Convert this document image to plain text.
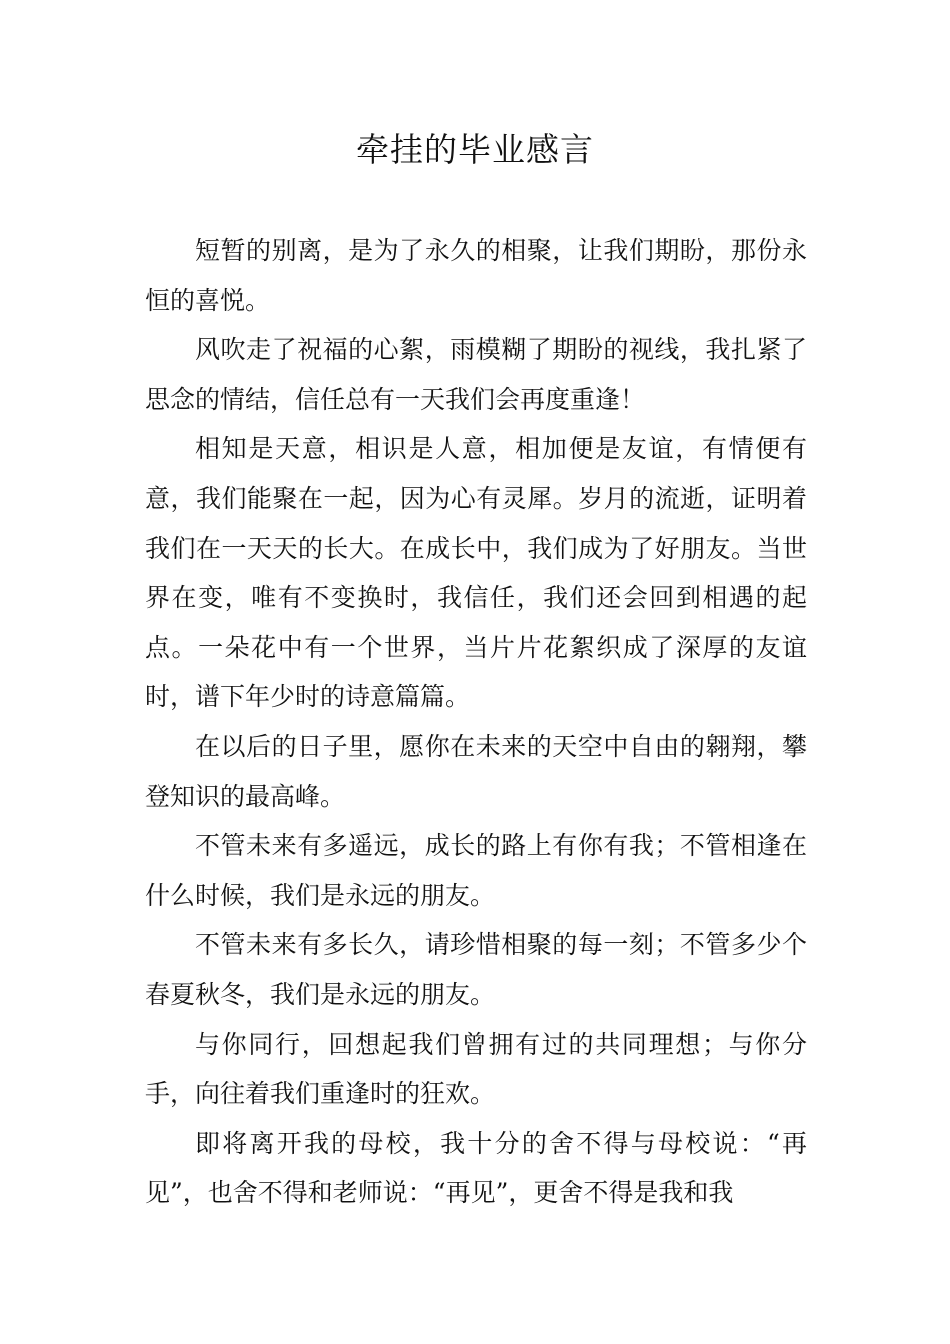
牵挂的毕业感言

短暂的别离，是为了永久的相聚，让我们期盼，那份永恒的喜悦。

风吹走了祝福的心絮，雨模糊了期盼的视线，我扎紧了思念的情结，信任总有一天我们会再度重逢！

相知是天意，相识是人意，相加便是友谊，有情便有意，我们能聚在一起，因为心有灵犀。岁月的流逝，证明着我们在一天天的长大。在成长中，我们成为了好朋友。当世界在变，唯有不变换时，我信任，我们还会回到相遇的起点。一朵花中有一个世界，当片片花絮织成了深厚的友谊时，谱下年少时的诗意篇篇。

在以后的日子里，愿你在未来的天空中自由的翱翔，攀登知识的最高峰。

不管未来有多遥远，成长的路上有你有我；不管相逢在什么时候，我们是永远的朋友。

不管未来有多长久，请珍惜相聚的每一刻；不管多少个春夏秋冬，我们是永远的朋友。

与你同行，回想起我们曾拥有过的共同理想；与你分手，向往着我们重逢时的狂欢。

即将离开我的母校，我十分的舍不得与母校说：“再见”，也舍不得和老师说：“再见”，更舍不得是我和我
